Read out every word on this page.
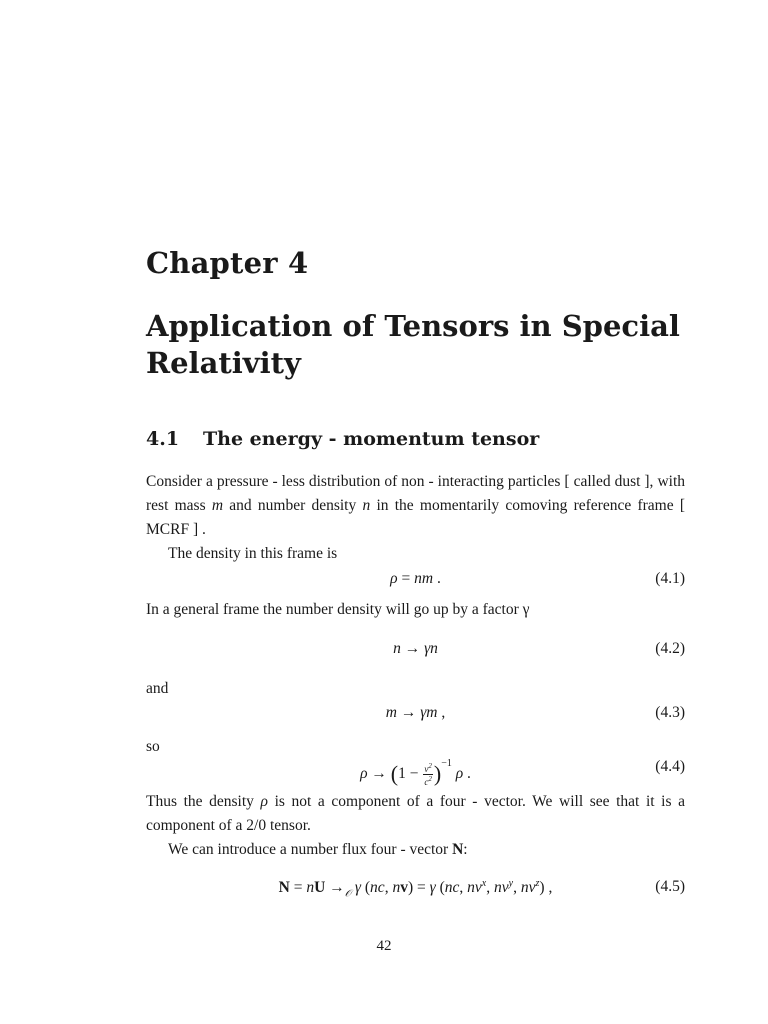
Chapter 4
Application of Tensors in Special Relativity
4.1 The energy - momentum tensor
Consider a pressure - less distribution of non - interacting particles [ called dust ], with rest mass m and number density n in the momentarily comoving reference frame [ MCRF ] .
The density in this frame is
ρ = nm .	(4.1)
In a general frame the number density will go up by a factor γ
n → γn	(4.2)
and
m → γm ,	(4.3)
so
$\rho \to (1 - \frac{v^2}{c^2} )^{-1}$ ρ .	(4.4)
Thus the density ρ is not a component of a four - vector. We will see that it is a component of a 2/0 tensor.
We can introduce a number flux four - vector N:
N = nU $\to_𝒪$ γ (nc, nv) = γ (nc, $nv^x$, $nv^y$, $nv^z$) ,	(4.5)
42
